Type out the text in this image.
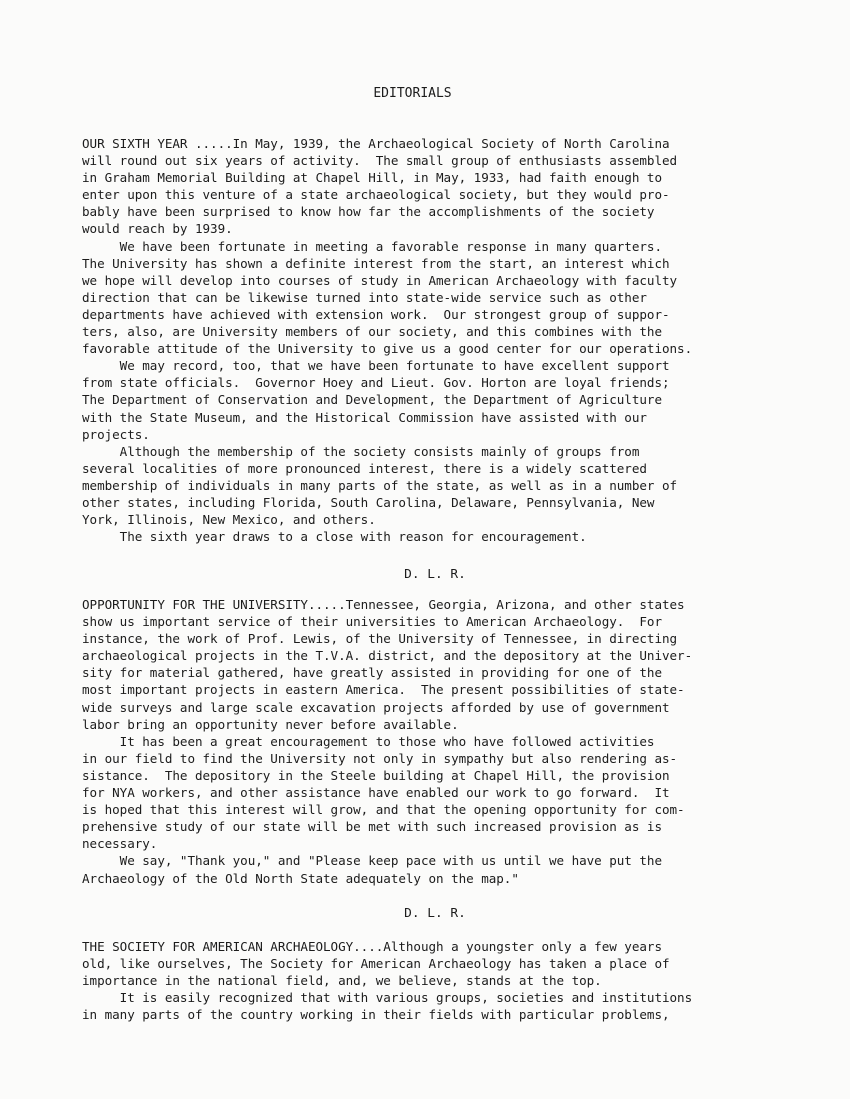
EDITORIALS
OUR SIXTH YEAR .....In May, 1939, the Archaeological Society of North Carolina
will round out six years of activity.  The small group of enthusiasts assembled
in Graham Memorial Building at Chapel Hill, in May, 1933, had faith enough to
enter upon this venture of a state archaeological society, but they would pro-
bably have been surprised to know how far the accomplishments of the society
would reach by 1939.
We have been fortunate in meeting a favorable response in many quarters.
The University has shown a definite interest from the start, an interest which
we hope will develop into courses of study in American Archaeology with faculty
direction that can be likewise turned into state-wide service such as other
departments have achieved with extension work.  Our strongest group of suppor-
ters, also, are University members of our society, and this combines with the
favorable attitude of the University to give us a good center for our operations.
We may record, too, that we have been fortunate to have excellent support
from state officials.  Governor Hoey and Lieut. Gov. Horton are loyal friends;
The Department of Conservation and Development, the Department of Agriculture
with the State Museum, and the Historical Commission have assisted with our
projects.
Although the membership of the society consists mainly of groups from
several localities of more pronounced interest, there is a widely scattered
membership of individuals in many parts of the state, as well as in a number of
other states, including Florida, South Carolina, Delaware, Pennsylvania, New
York, Illinois, New Mexico, and others.
The sixth year draws to a close with reason for encouragement.
D. L. R.
OPPORTUNITY FOR THE UNIVERSITY.....Tennessee, Georgia, Arizona, and other states
show us important service of their universities to American Archaeology.  For
instance, the work of Prof. Lewis, of the University of Tennessee, in directing
archaeological projects in the T.V.A. district, and the depository at the Univer-
sity for material gathered, have greatly assisted in providing for one of the
most important projects in eastern America.  The present possibilities of state-
wide surveys and large scale excavation projects afforded by use of government
labor bring an opportunity never before available.
It has been a great encouragement to those who have followed activities
in our field to find the University not only in sympathy but also rendering as-
sistance.  The depository in the Steele building at Chapel Hill, the provision
for NYA workers, and other assistance have enabled our work to go forward.  It
is hoped that this interest will grow, and that the opening opportunity for com-
prehensive study of our state will be met with such increased provision as is
necessary.
We say, "Thank you," and "Please keep pace with us until we have put the
Archaeology of the Old North State adequately on the map."
D. L. R.
THE SOCIETY FOR AMERICAN ARCHAEOLOGY....Although a youngster only a few years
old, like ourselves, The Society for American Archaeology has taken a place of
importance in the national field, and, we believe, stands at the top.
It is easily recognized that with various groups, societies and institutions
in many parts of the country working in their fields with particular problems,
